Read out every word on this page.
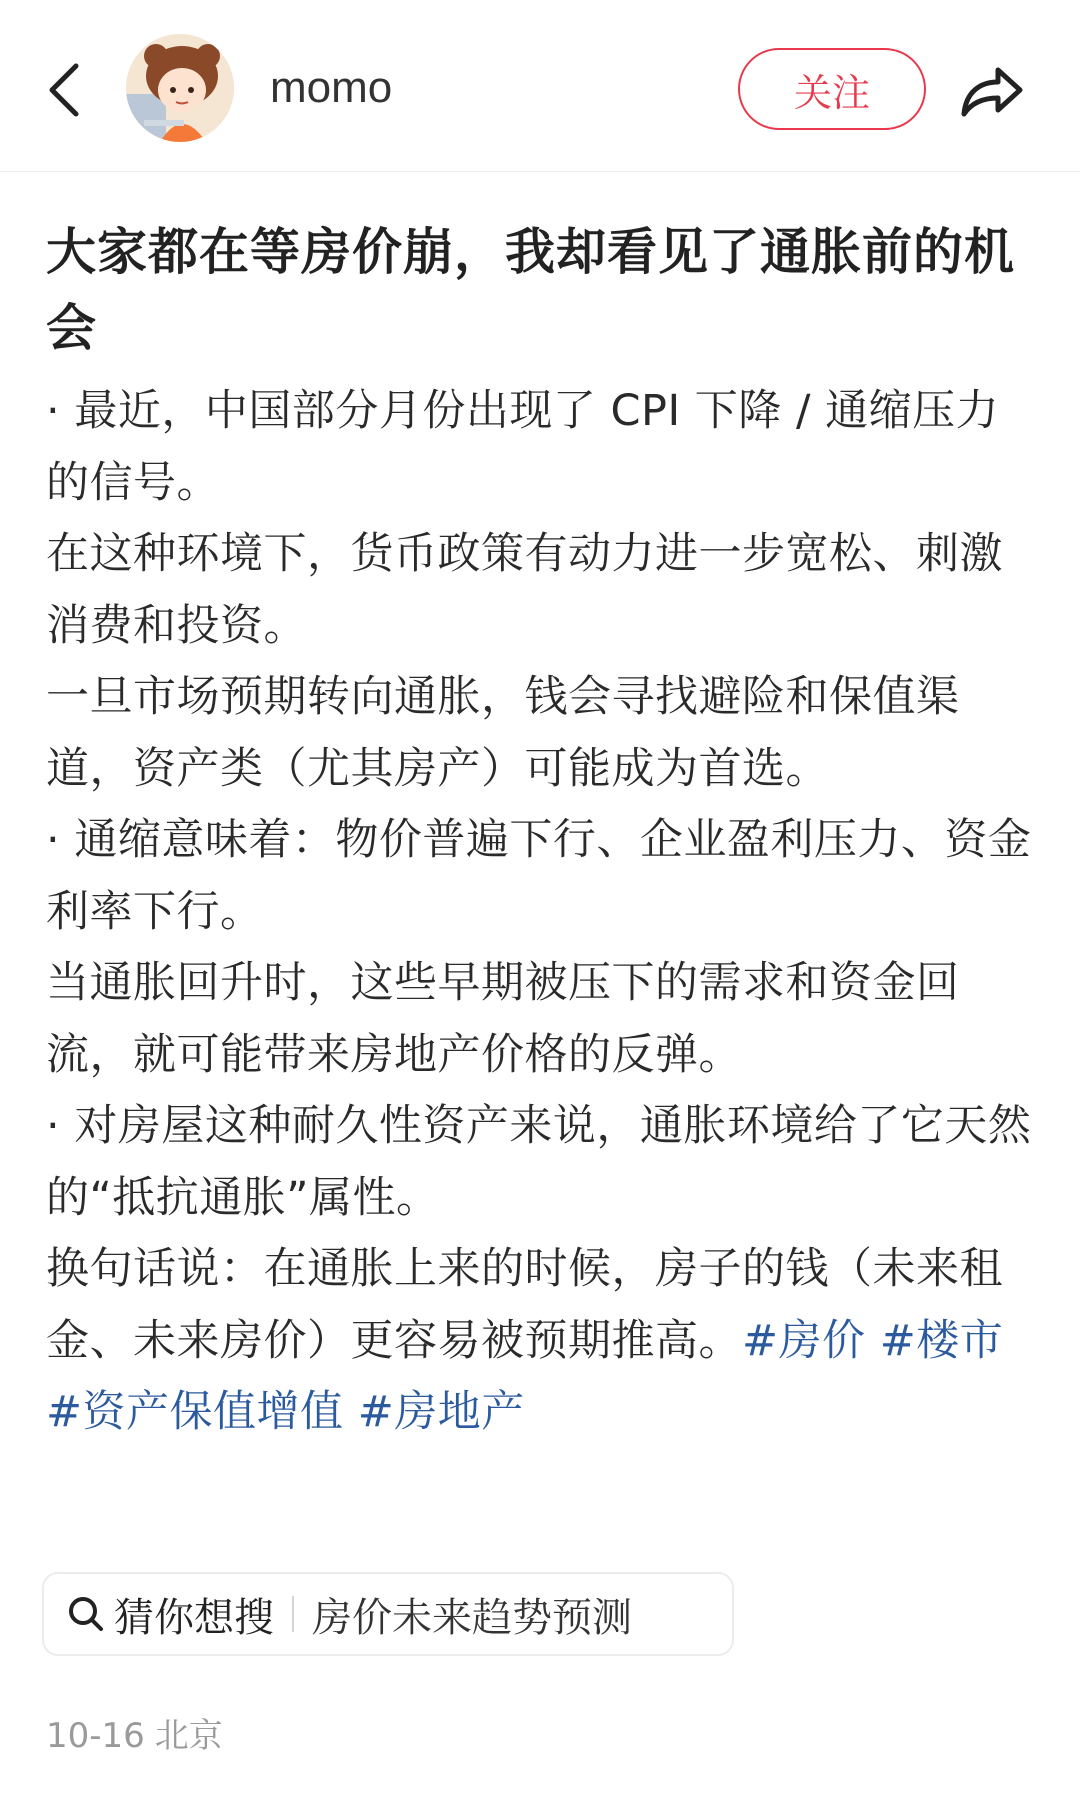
momo	关注
大家都在等房价崩，我却看见了通胀前的机会

· 最近，中国部分月份出现了 CPI 下降 / 通缩压力 的信号。

在这种环境下，货币政策有动力进一步宽松、刺激消费和投资。

一旦市场预期转向通胀，钱会寻找避险和保值渠道，资产类（尤其房产）可能成为首选。

· 通缩意味着：物价普遍下行、企业盈利压力、资金利率下行。

当通胀回升时，这些早期被压下的需求和资金回流，就可能带来房地产价格的反弹。

· 对房屋这种耐久性资产来说，通胀环境给了它天然的“抵抗通胀”属性。

换句话说：在通胀上来的时候，房子的钱（未来租金、未来房价）更容易被预期推高。#房价 #楼市 #资产保值增值 #房地产

猜你想搜 房价未来趋势预测
10-16 北京
